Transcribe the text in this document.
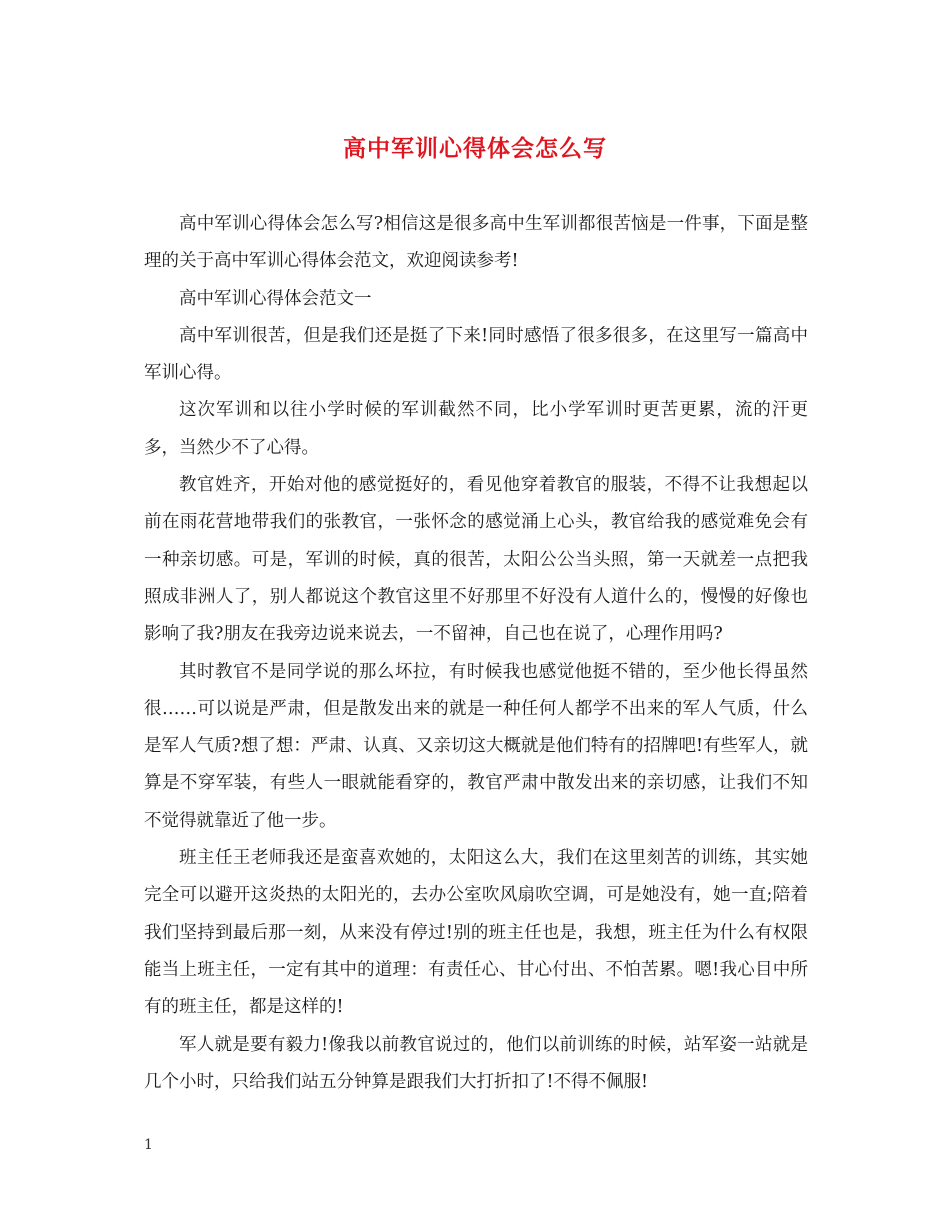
高中军训心得体会怎么写

高中军训心得体会怎么写?相信这是很多高中生军训都很苦恼是一件事，下面是整理的关于高中军训心得体会范文，欢迎阅读参考!

高中军训心得体会范文一

高中军训很苦，但是我们还是挺了下来!同时感悟了很多很多，在这里写一篇高中军训心得。

这次军训和以往小学时候的军训截然不同，比小学军训时更苦更累，流的汗更多，当然少不了心得。

教官姓齐，开始对他的感觉挺好的，看见他穿着教官的服装，不得不让我想起以前在雨花营地带我们的张教官，一张怀念的感觉涌上心头，教官给我的感觉难免会有一种亲切感。可是，军训的时候，真的很苦，太阳公公当头照，第一天就差一点把我照成非洲人了，别人都说这个教官这里不好那里不好没有人道什么的，慢慢的好像也影响了我?朋友在我旁边说来说去，一不留神，自己也在说了，心理作用吗?

其时教官不是同学说的那么坏拉，有时候我也感觉他挺不错的，至少他长得虽然很……可以说是严肃，但是散发出来的就是一种任何人都学不出来的军人气质，什么是军人气质?想了想：严肃、认真、又亲切这大概就是他们特有的招牌吧!有些军人，就算是不穿军装，有些人一眼就能看穿的，教官严肃中散发出来的亲切感，让我们不知不觉得就靠近了他一步。

班主任王老师我还是蛮喜欢她的，太阳这么大，我们在这里刻苦的训练，其实她完全可以避开这炎热的太阳光的，去办公室吹风扇吹空调，可是她没有，她一直;陪着我们坚持到最后那一刻，从来没有停过!别的班主任也是，我想，班主任为什么有权限能当上班主任，一定有其中的道理：有责任心、甘心付出、不怕苦累。嗯!我心目中所有的班主任，都是这样的!

军人就是要有毅力!像我以前教官说过的，他们以前训练的时候，站军姿一站就是几个小时，只给我们站五分钟算是跟我们大打折扣了!不得不佩服!

1
